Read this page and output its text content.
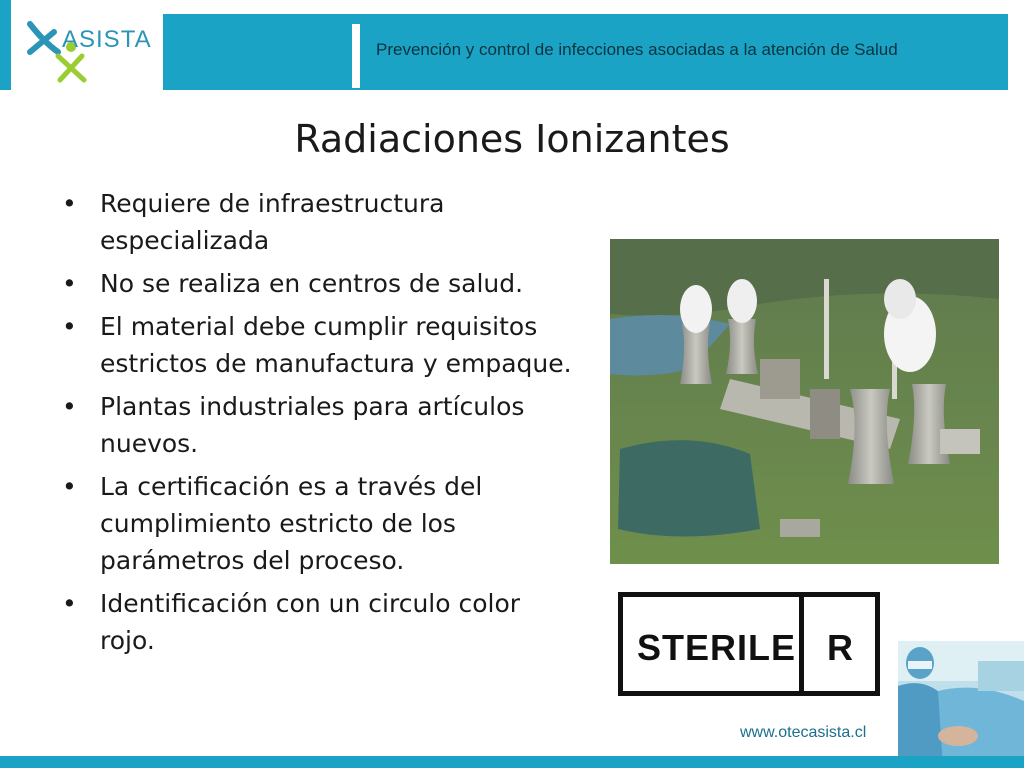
ASISTA	Prevención y control de infecciones asociadas a la atención de Salud
Radiaciones Ionizantes
• Requiere de infraestructura especializada
• No se realiza en centros de salud.
• El material debe cumplir requisitos estrictos de manufactura y empaque.
• Plantas industriales para artículos nuevos.
• La certificación es a través del cumplimiento estricto de los parámetros del proceso.
• Identificación con un circulo color rojo.	STERILE R
www.otecasista.cl
